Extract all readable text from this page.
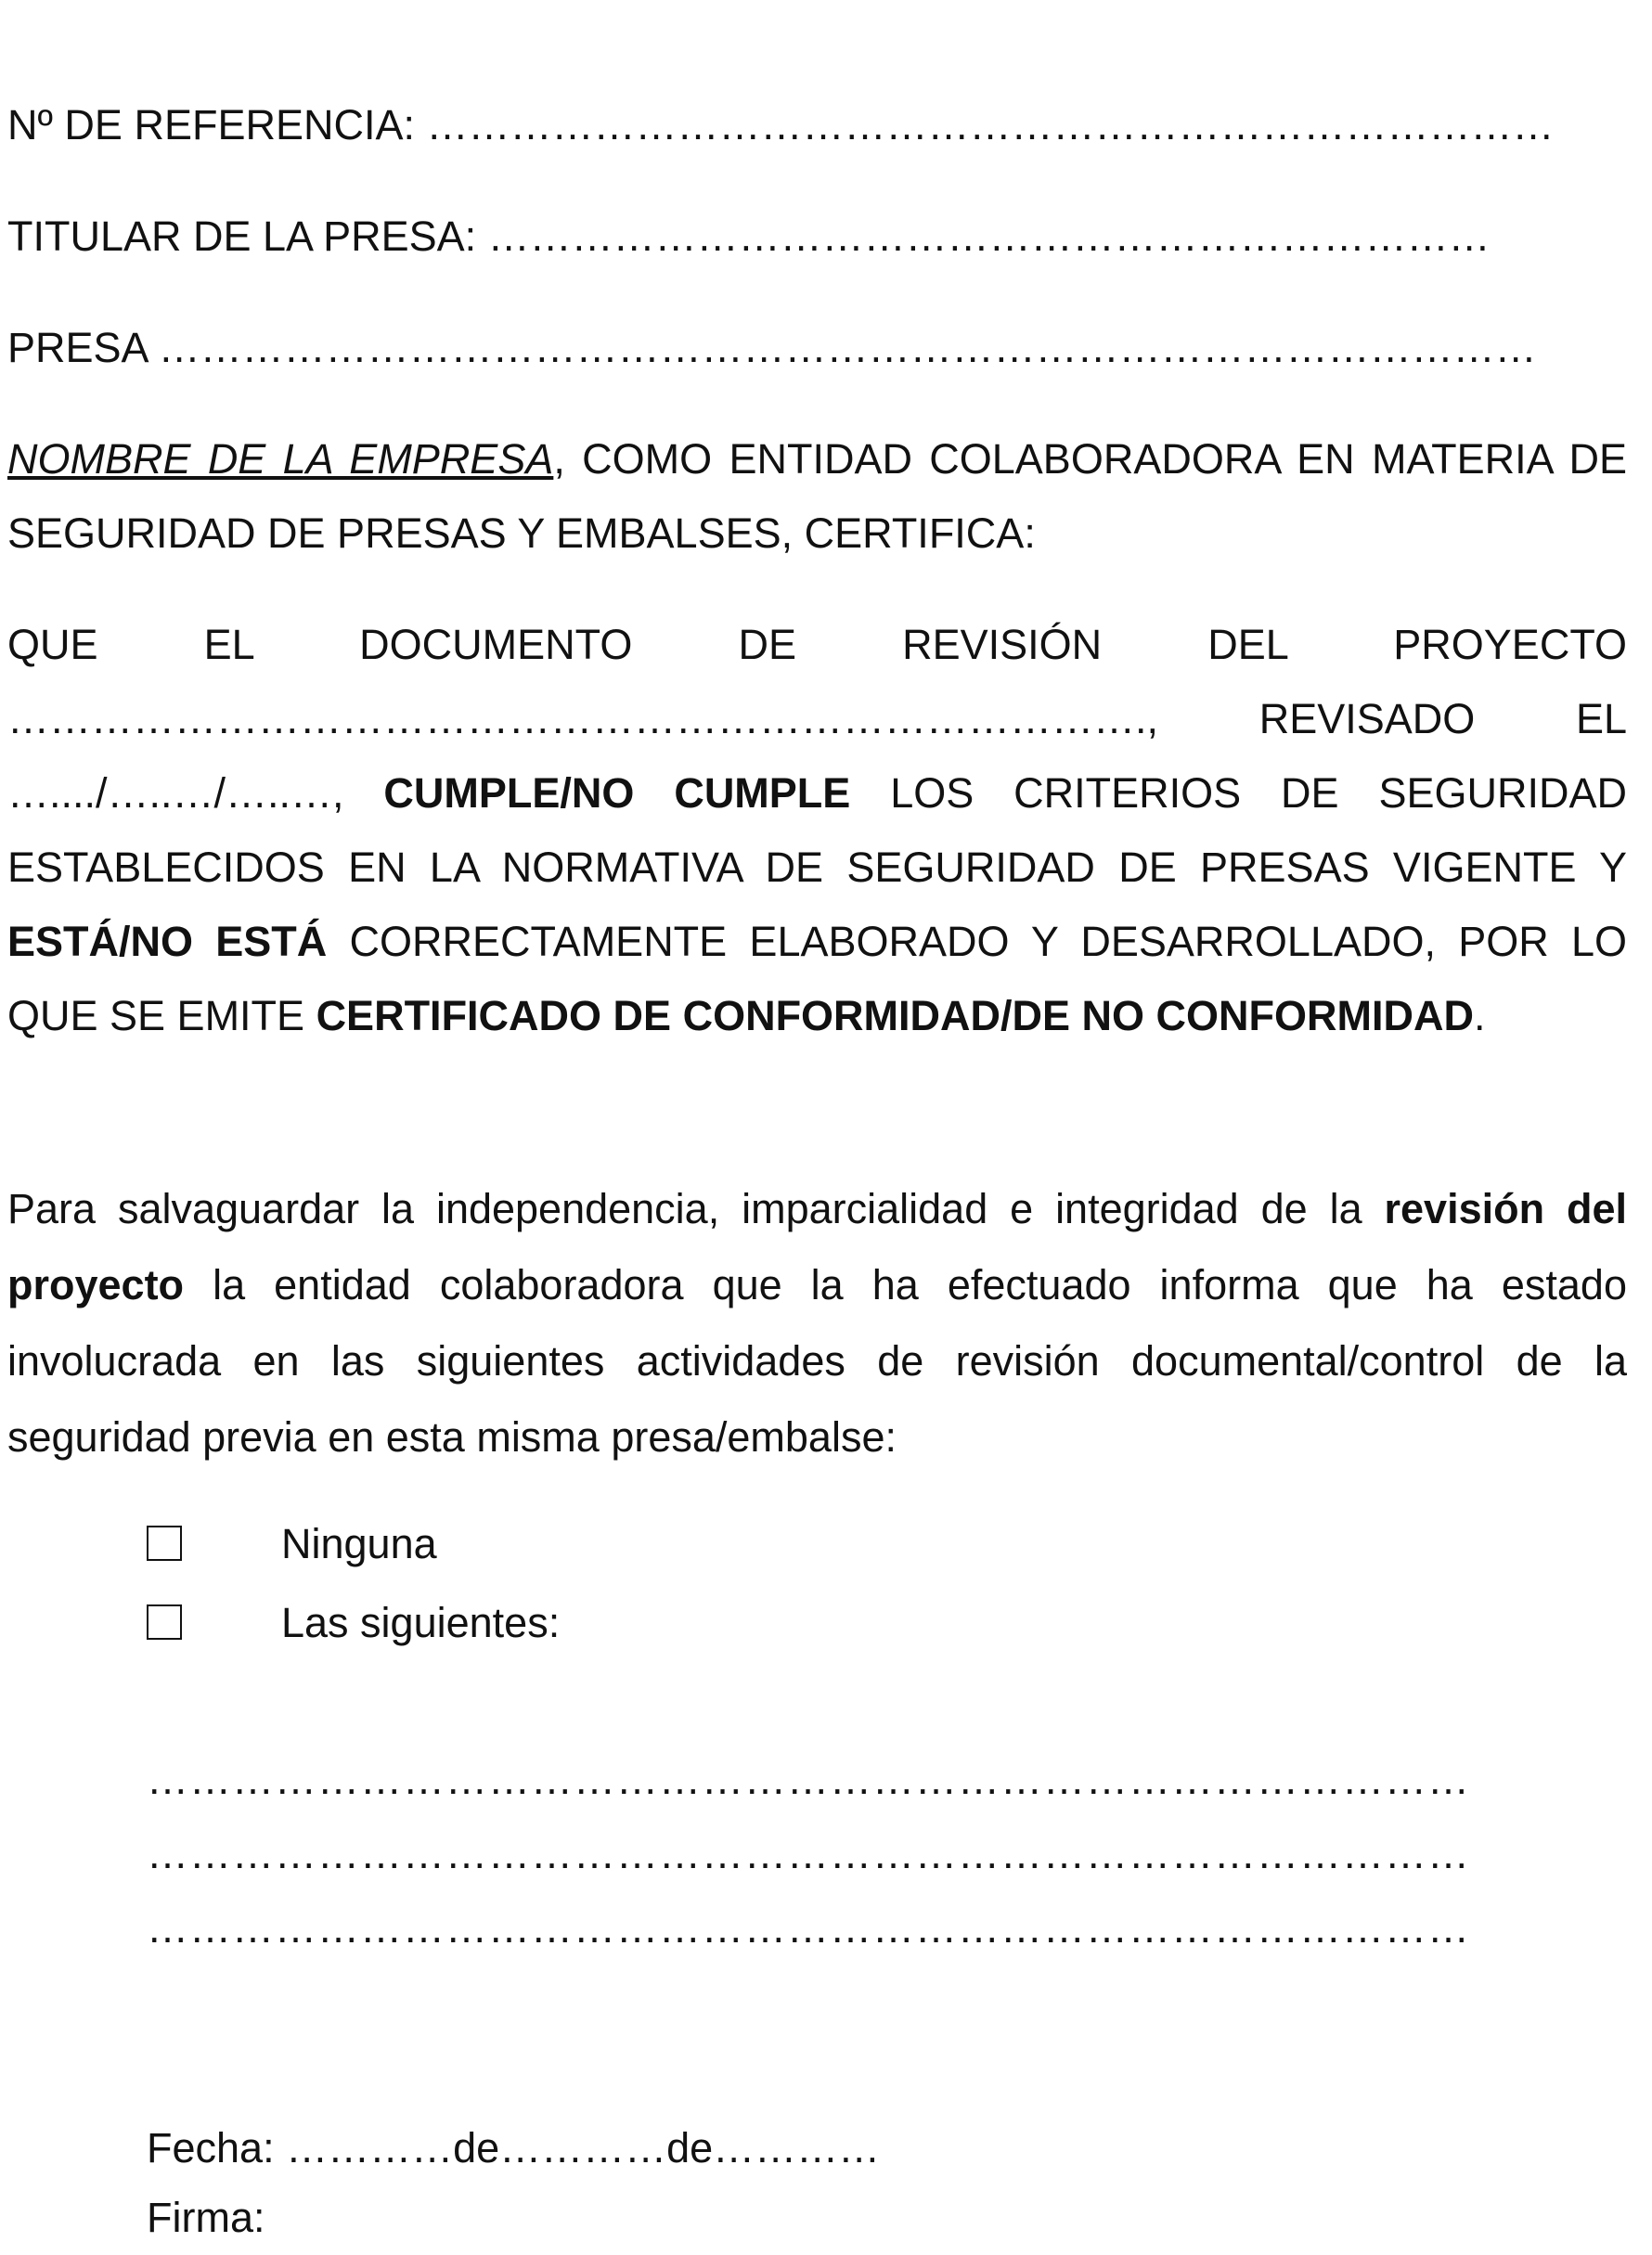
Nº DE REFERENCIA: ………………………………………………………………………
TITULAR DE LA PRESA: ………………………………………………………………
PRESA ………………………………………………………………………………………
NOMBRE DE LA EMPRESA, COMO ENTIDAD COLABORADORA EN MATERIA DE SEGURIDAD DE PRESAS Y EMBALSES, CERTIFICA:
QUE EL DOCUMENTO DE REVISIÓN DEL PROYECTO ………………………………………………………………………., REVISADO EL …..../…..…/…..…, CUMPLE/NO CUMPLE LOS CRITERIOS DE SEGURIDAD ESTABLECIDOS EN LA NORMATIVA DE SEGURIDAD DE PRESAS VIGENTE Y ESTÁ/NO ESTÁ CORRECTAMENTE ELABORADO Y DESARROLLADO, POR LO QUE SE EMITE CERTIFICADO DE CONFORMIDAD/DE NO CONFORMIDAD.
Para salvaguardar la independencia, imparcialidad e integridad de la revisión del proyecto la entidad colaboradora que la ha efectuado informa que ha estado involucrada en las siguientes actividades de revisión documental/control de la seguridad previa en esta misma presa/embalse:
Ninguna
Las siguientes:
…………………………………………………………………………………
…………………………………………………………………………………
…………………………………………………………………………………
Fecha: …………de…………de…………
Firma:
